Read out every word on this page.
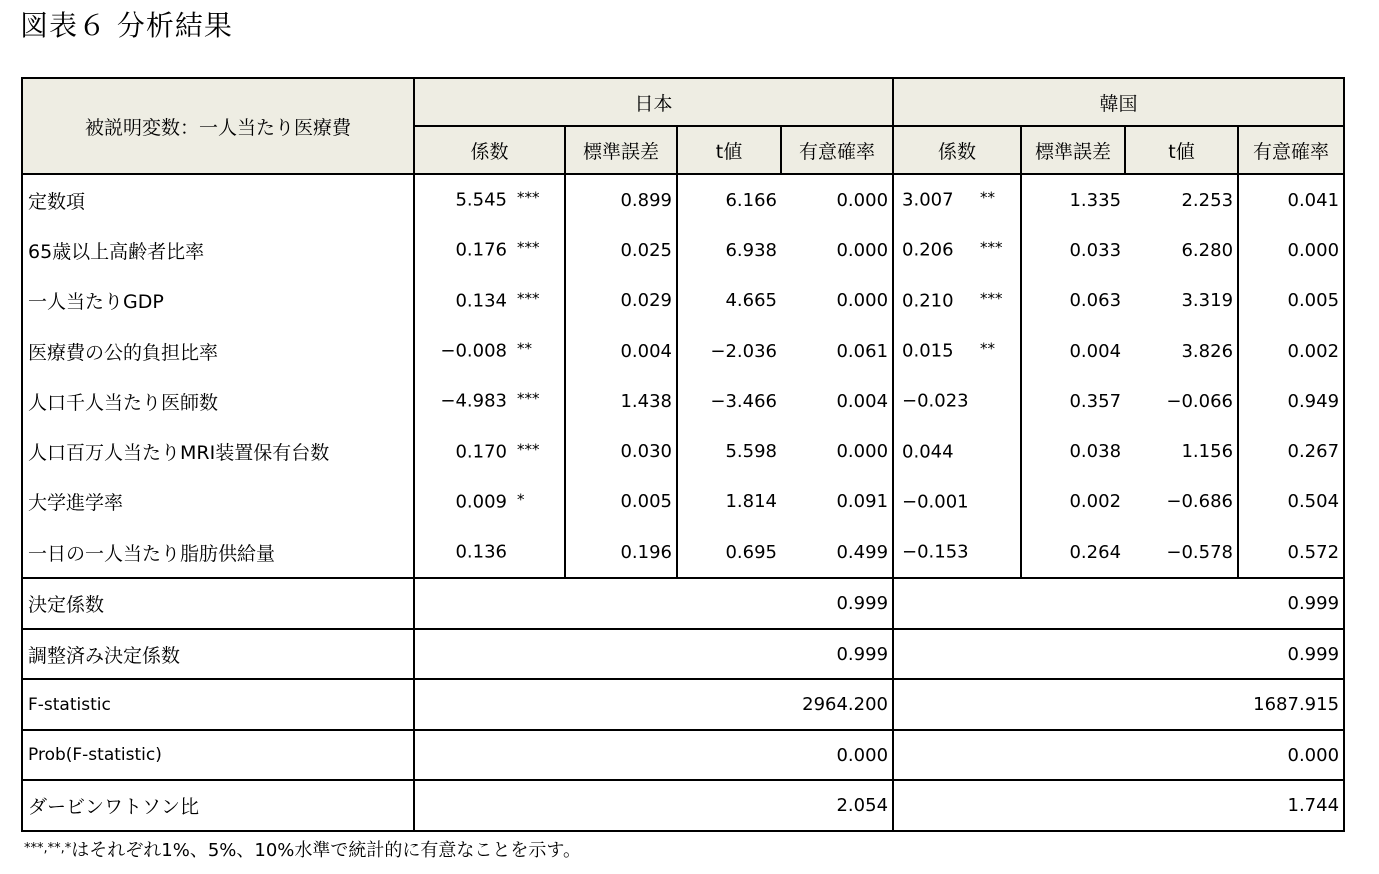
図表６ 分析結果
被説明変数：一人当たり医療費	日本				韓国			
	係数	標準誤差	t値	有意確率	係数	標準誤差	t値	有意確率
定数項	5.545 ***	0.899	6.166	0.000	3.007 **	1.335	2.253	0.041
65歳以上高齢者比率	0.176 ***	0.025	6.938	0.000	0.206 ***	0.033	6.280	0.000
一人当たりGDP	0.134 ***	0.029	4.665	0.000	0.210 ***	0.063	3.319	0.005
医療費の公的負担比率	−0.008 **	0.004	−2.036	0.061	0.015 **	0.004	3.826	0.002
人口千人当たり医師数	−4.983 ***	1.438	−3.466	0.004	−0.023	0.357	−0.066	0.949
人口百万人当たりMRI装置保有台数	0.170 ***	0.030	5.598	0.000	0.044	0.038	1.156	0.267
大学進学率	0.009 *	0.005	1.814	0.091	−0.001	0.002	−0.686	0.504
一日の一人当たり脂肪供給量	0.136	0.196	0.695	0.499	−0.153	0.264	−0.578	0.572
決定係数	0.999				0.999			
調整済み決定係数	0.999				0.999			
F-statistic	2964.200				1687.915			
Prob(F-statistic)	0.000				0.000			
ダービンワトソン比	2.054				1.744			
***,**,*はそれぞれ1%、5%、10%水準で統計的に有意なことを示す。
